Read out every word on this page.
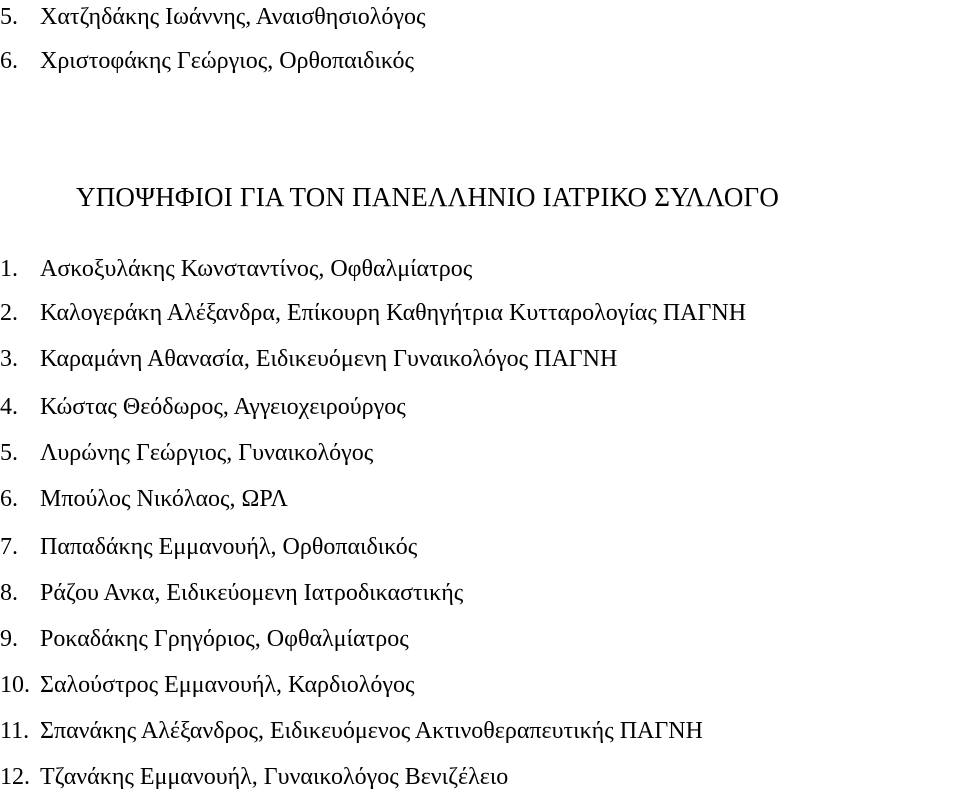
5. Χατζηδάκης Ιωάννης, Αναισθησιολόγος
6. Χριστοφάκης Γεώργιος, Ορθοπαιδικός
ΥΠΟΨΗΦΙΟΙ ΓΙΑ ΤΟΝ ΠΑΝΕΛΛΗΝΙΟ ΙΑΤΡΙΚΟ ΣΥΛΛΟΓΟ
1. Ασκοξυλάκης Κωνσταντίνος, Οφθαλμίατρος
2. Καλογεράκη Αλέξανδρα, Επίκουρη Καθηγήτρια Κυτταρολογίας ΠΑΓΝΗ
3. Καραμάνη Αθανασία, Ειδικευόμενη Γυναικολόγος ΠΑΓΝΗ
4. Κώστας Θεόδωρος, Αγγειοχειρούργος
5. Λυρώνης Γεώργιος, Γυναικολόγος
6. Μπούλος Νικόλαος, ΩΡΛ
7. Παπαδάκης Εμμανουήλ, Ορθοπαιδικός
8. Ράζου Ανκα, Ειδικεύομενη Ιατροδικαστικής
9. Ροκαδάκης Γρηγόριος, Οφθαλμίατρος
10. Σαλούστρος Εμμανουήλ, Καρδιολόγος
11. Σπανάκης Αλέξανδρος, Ειδικευόμενος Ακτινοθεραπευτικής ΠΑΓΝΗ
12. Τζανάκης Εμμανουήλ, Γυναικολόγος Βενιζέλειο
